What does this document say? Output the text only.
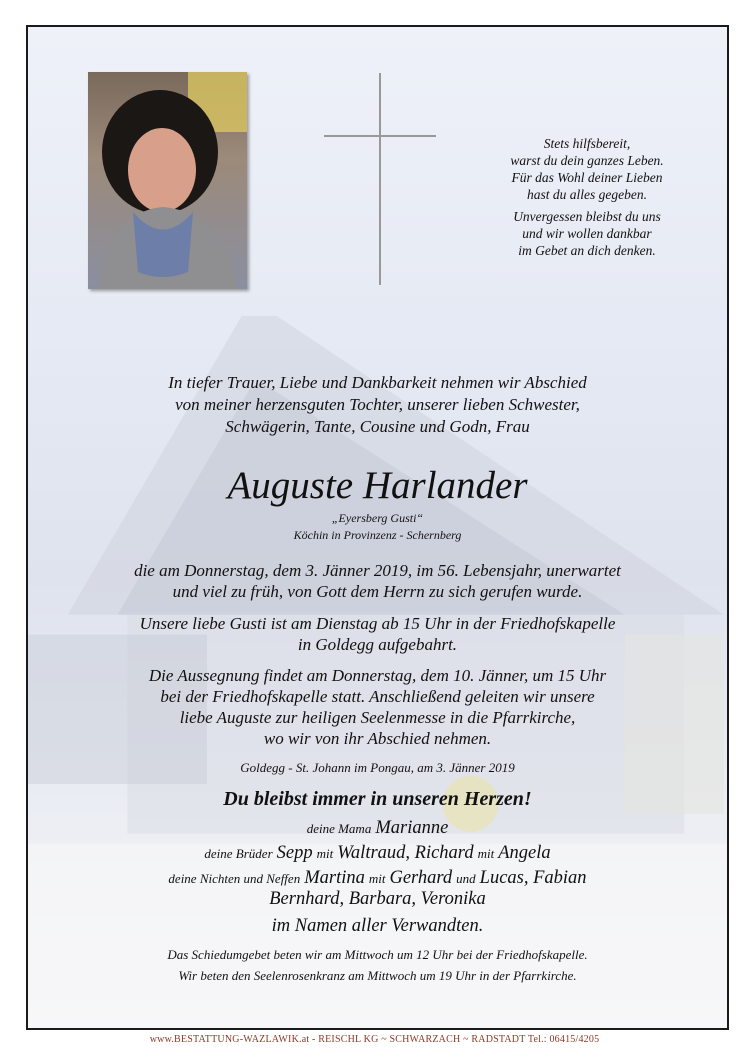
Stets hilfsbereit,
warst du dein ganzes Leben.
Für das Wohl deiner Lieben
hast du alles gegeben.

Unvergessen bleibst du uns
und wir wollen dankbar
im Gebet an dich denken.

In tiefer Trauer, Liebe und Dankbarkeit nehmen wir Abschied
von meiner herzensguten Tochter, unserer lieben Schwester,
Schwägerin, Tante, Cousine und Godn, Frau
Auguste Harlander
„Eyersberg Gusti“
Köchin in Provinzenz - Schernberg
die am Donnerstag, dem 3. Jänner 2019, im 56. Lebensjahr, unerwartet
und viel zu früh, von Gott dem Herrn zu sich gerufen wurde.
Unsere liebe Gusti ist am Dienstag ab 15 Uhr in der Friedhofskapelle
in Goldegg aufgebahrt.
Die Aussegnung findet am Donnerstag, dem 10. Jänner, um 15 Uhr
bei der Friedhofskapelle statt. Anschließend geleiten wir unsere
liebe Auguste zur heiligen Seelenmesse in die Pfarrkirche,
wo wir von ihr Abschied nehmen.
Goldegg - St. Johann im Pongau, am 3. Jänner 2019
Du bleibst immer in unseren Herzen!
deine Mama Marianne
deine Brüder Sepp mit Waltraud, Richard mit Angela
deine Nichten und Neffen Martina mit Gerhard und Lucas, Fabian
Bernhard, Barbara, Veronika
im Namen aller Verwandten.
Das Schiedumgebet beten wir am Mittwoch um 12 Uhr bei der Friedhofskapelle.
Wir beten den Seelenrosenkranz am Mittwoch um 19 Uhr in der Pfarrkirche.
www.BESTATTUNG-WAZLAWIK.at - REISCHL KG ~ SCHWARZACH ~ RADSTADT Tel.: 06415/4205
